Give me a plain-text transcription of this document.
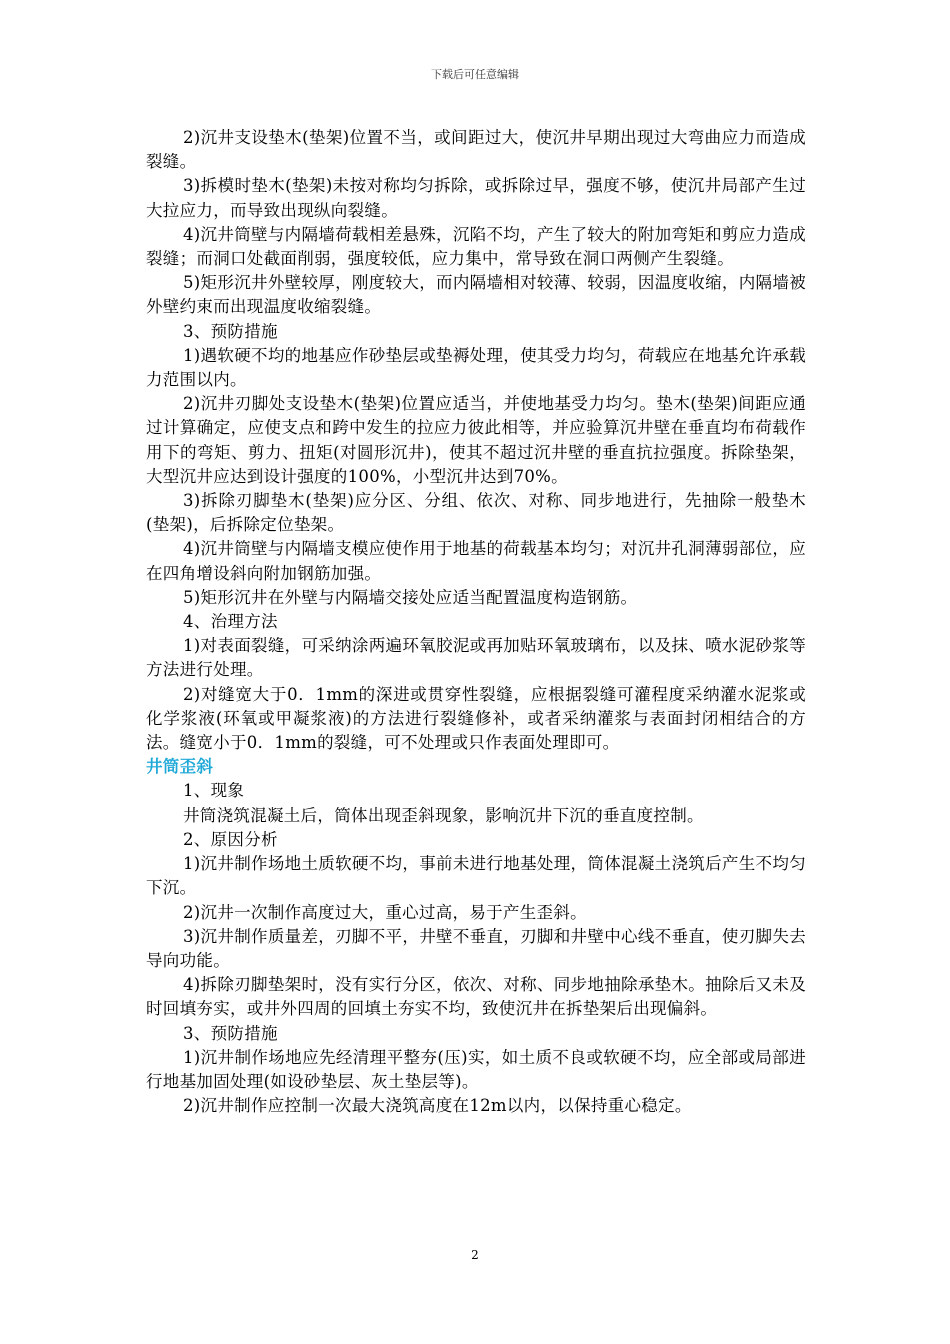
下载后可任意编辑

2)沉井支设垫木(垫架)位置不当，或间距过大，使沉井早期出现过大弯曲应力而造成裂缝。

3)拆模时垫木(垫架)未按对称均匀拆除，或拆除过早，强度不够，使沉井局部产生过大拉应力，而导致出现纵向裂缝。

4)沉井筒壁与内隔墙荷载相差悬殊，沉陷不均，产生了较大的附加弯矩和剪应力造成裂缝；而洞口处截面削弱，强度较低，应力集中，常导致在洞口两侧产生裂缝。

5)矩形沉井外壁较厚，刚度较大，而内隔墙相对较薄、较弱，因温度收缩，内隔墙被外壁约束而出现温度收缩裂缝。

3、预防措施

1)遇软硬不均的地基应作砂垫层或垫褥处理，使其受力均匀，荷载应在地基允许承载力范围以内。

2)沉井刃脚处支设垫木(垫架)位置应适当，并使地基受力均匀。垫木(垫架)间距应通过计算确定，应使支点和跨中发生的拉应力彼此相等，并应验算沉井壁在垂直均布荷载作用下的弯矩、剪力、扭矩(对圆形沉井)，使其不超过沉井壁的垂直抗拉强度。拆除垫架，大型沉井应达到设计强度的100%，小型沉井达到70%。

3)拆除刃脚垫木(垫架)应分区、分组、依次、对称、同步地进行，先抽除一般垫木(垫架)，后拆除定位垫架。

4)沉井筒壁与内隔墙支模应使作用于地基的荷载基本均匀；对沉井孔洞薄弱部位，应在四角增设斜向附加钢筋加强。

5)矩形沉井在外壁与内隔墙交接处应适当配置温度构造钢筋。

4、治理方法

1)对表面裂缝，可采纳涂两遍环氧胶泥或再加贴环氧玻璃布，以及抹、喷水泥砂浆等方法进行处理。

2)对缝宽大于0．1mm的深进或贯穿性裂缝，应根据裂缝可灌程度采纳灌水泥浆或化学浆液(环氧或甲凝浆液)的方法进行裂缝修补，或者采纳灌浆与表面封闭相结合的方法。缝宽小于0．1mm的裂缝，可不处理或只作表面处理即可。

井筒歪斜

1、现象

井筒浇筑混凝土后，筒体出现歪斜现象，影响沉井下沉的垂直度控制。

2、原因分析

1)沉井制作场地土质软硬不均，事前未进行地基处理，筒体混凝土浇筑后产生不均匀下沉。

2)沉井一次制作高度过大，重心过高，易于产生歪斜。

3)沉井制作质量差，刃脚不平，井壁不垂直，刃脚和井壁中心线不垂直，使刃脚失去导向功能。

4)拆除刃脚垫架时，没有实行分区，依次、对称、同步地抽除承垫木。抽除后又未及时回填夯实，或井外四周的回填土夯实不均，致使沉井在拆垫架后出现偏斜。

3、预防措施

1)沉井制作场地应先经清理平整夯(压)实，如土质不良或软硬不均，应全部或局部进行地基加固处理(如设砂垫层、灰土垫层等)。

2)沉井制作应控制一次最大浇筑高度在12m以内，以保持重心稳定。

2
